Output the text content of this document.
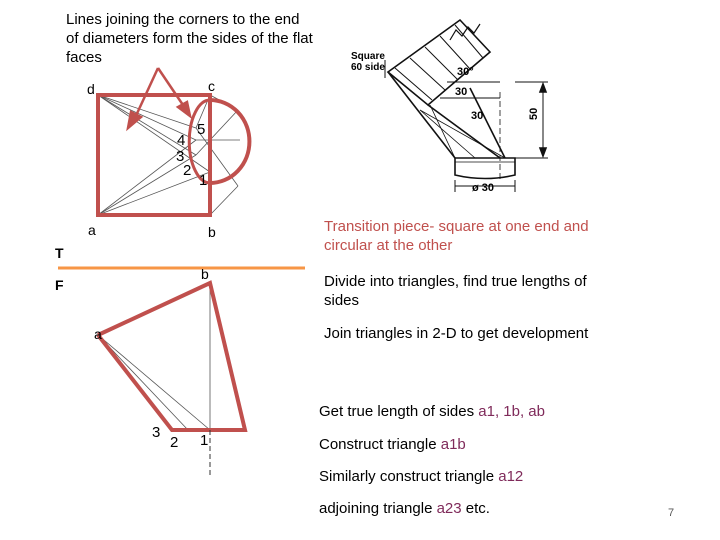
Lines joining the corners to the end of diameters form the sides of the flat faces
d	c
5
4
3
2
1
a	b
T
F
b
a
3
2 1
Square
60 side	30°
30
30	50
ø 30
Transition piece- square at one end and circular at the other
Divide into triangles, find true lengths of sides
Join triangles in 2-D to get development
Get true length of sides a1, 1b, ab
Construct triangle a1b
Similarly construct triangle a12
adjoining triangle a23 etc.	7
